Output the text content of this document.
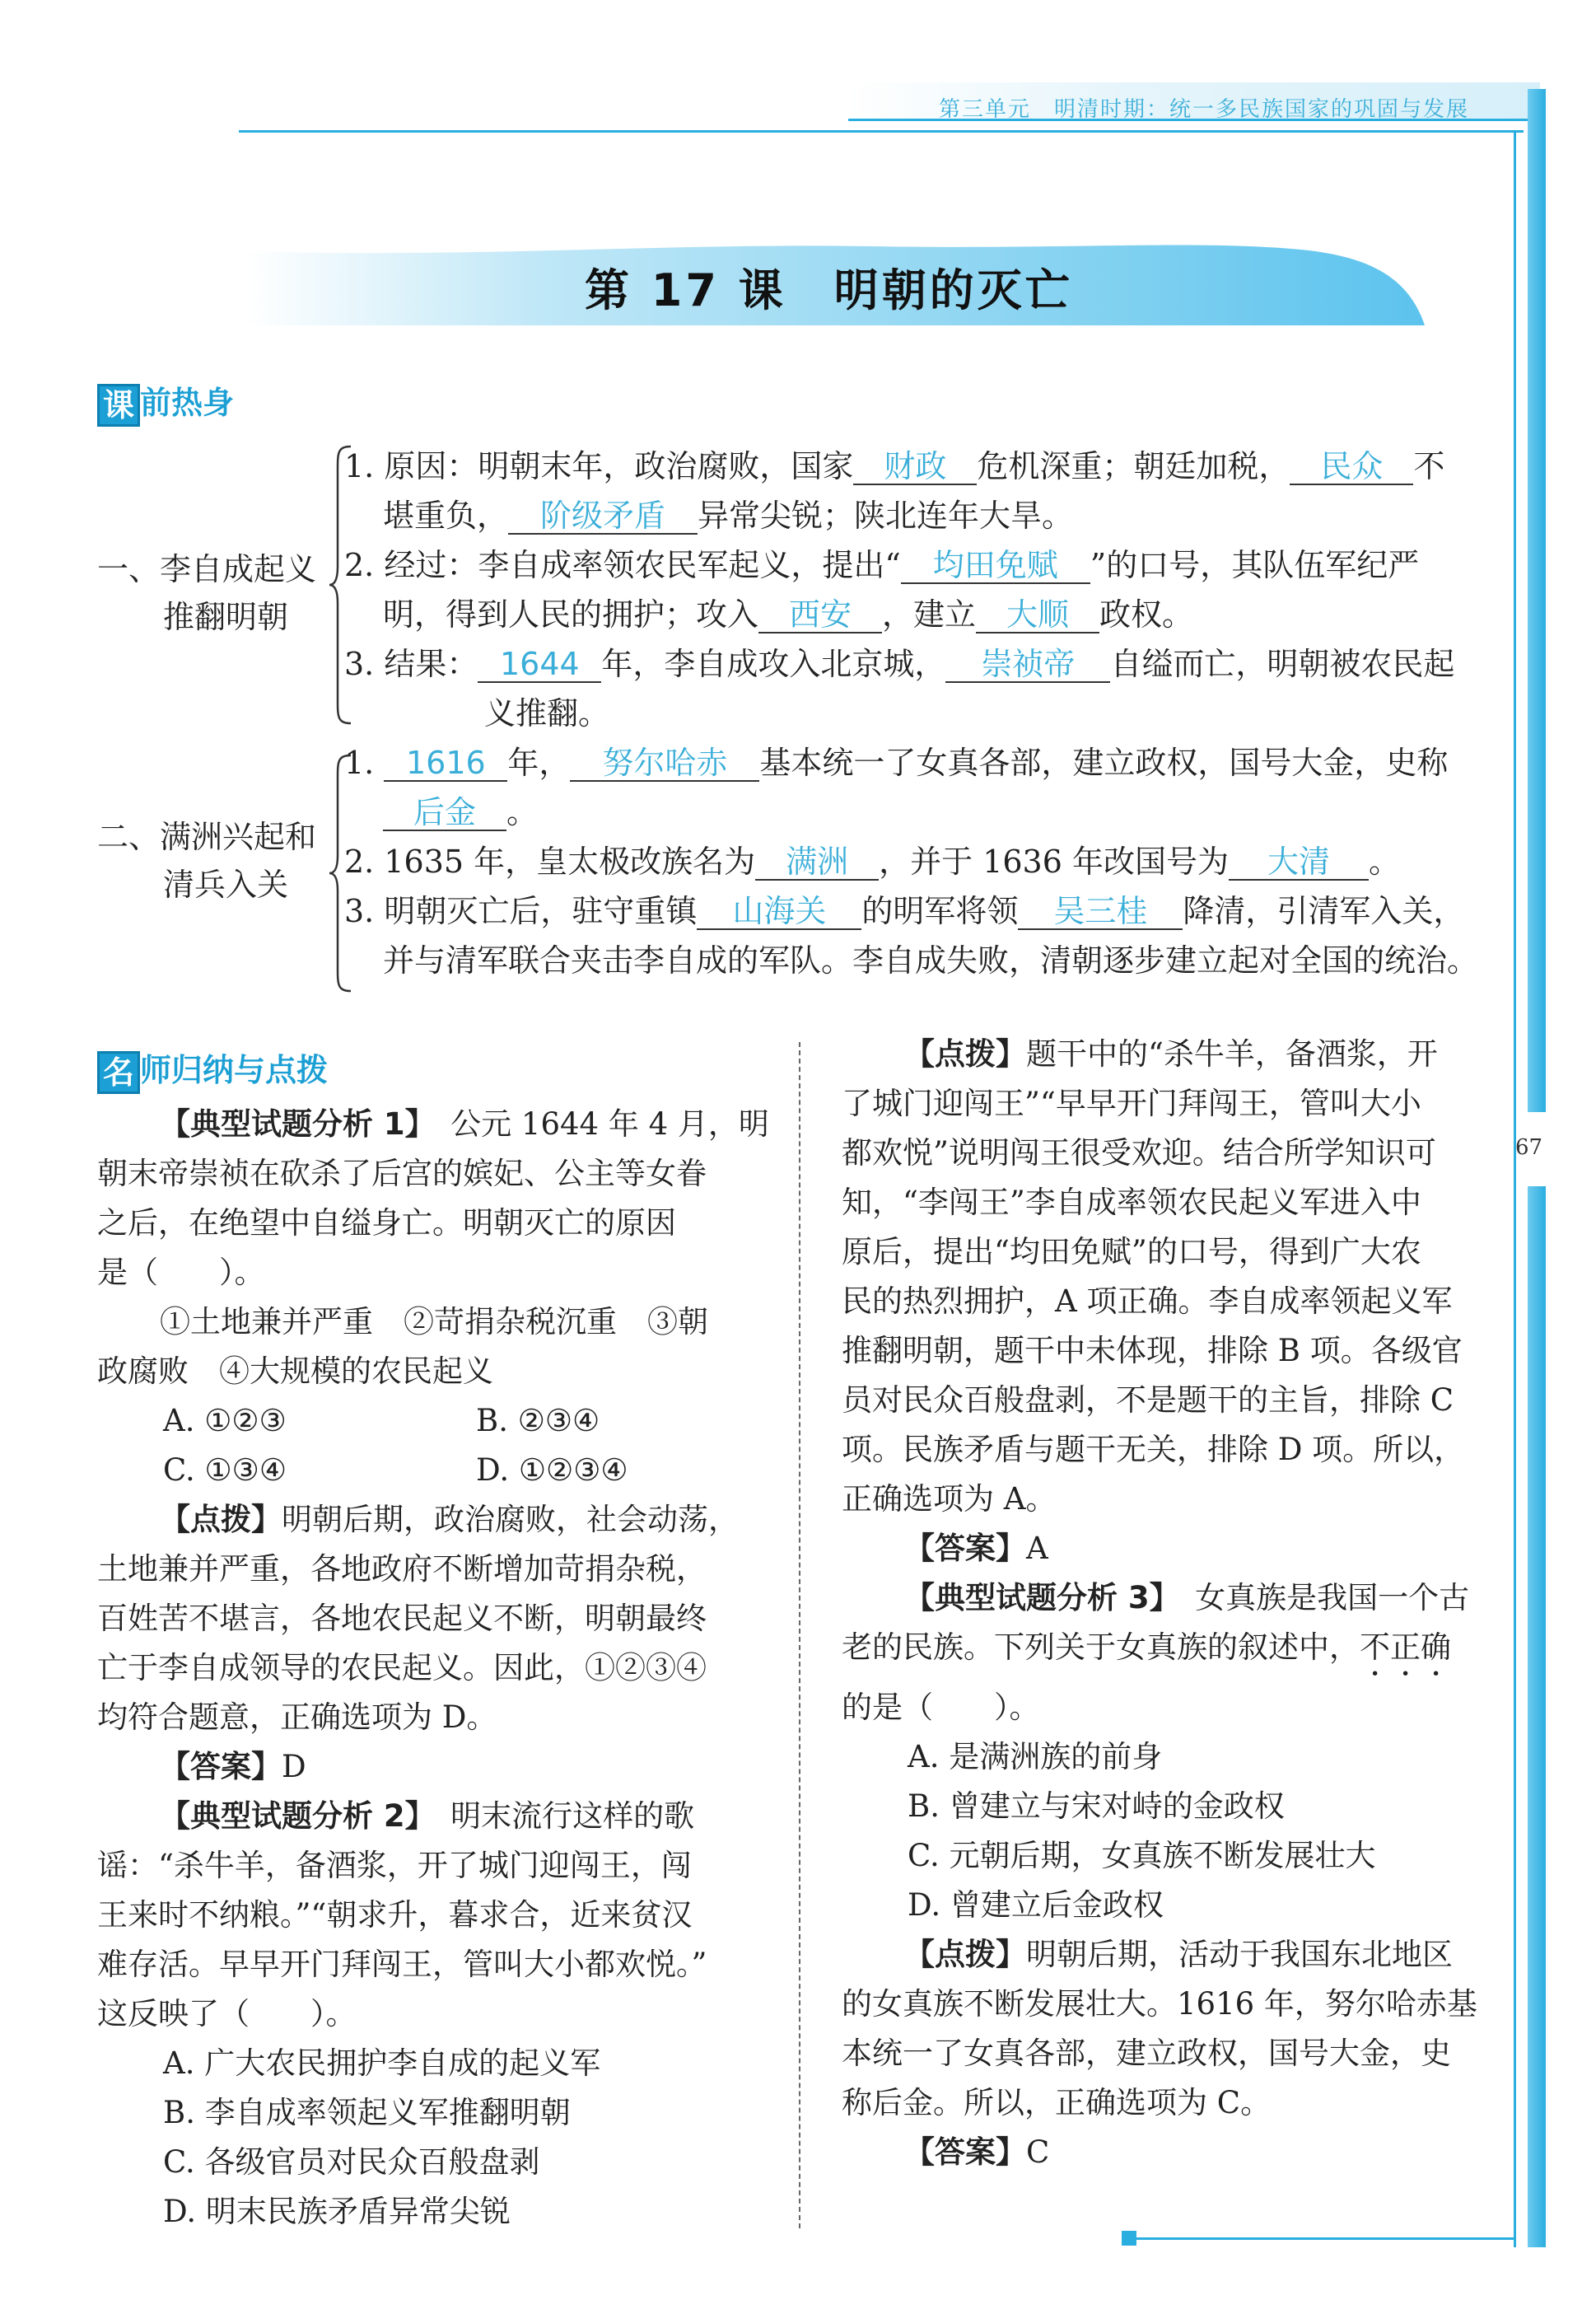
第三单元　明清时期：统一多民族国家的巩固与发展
67
第 17 课　明朝的灭亡
课 前热身
一、李自成起义
推翻明朝
1. 原因：明朝末年，政治腐败，国家 财政 危机深重；朝廷加税， 民众 不
堪重负， 阶级矛盾 异常尖锐；陕北连年大旱。
2. 经过：李自成率领农民军起义，提出“ 均田免赋 ”的口号，其队伍军纪严
明，得到人民的拥护；攻入 西安 ，建立 大顺 政权。
3. 结果： 1644 年，李自成攻入北京城， 崇祯帝 自缢而亡，明朝被农民起
义推翻。
二、满洲兴起和
清兵入关
1. 1616 年， 努尔哈赤 基本统一了女真各部，建立政权，国号大金，史称
后金 。
2. 1635 年，皇太极改族名为 满洲 ，并于 1636 年改国号为 大清 。
3. 明朝灭亡后，驻守重镇 山海关 的明军将领 吴三桂 降清，引清军入关，
并与清军联合夹击李自成的军队。李自成失败，清朝逐步建立起对全国的统治。
名 师归纳与点拨

【典型试题分析 1】　 公元 1644 年 4 月，明

朝末帝崇祯在砍杀了后宫的嫔妃、公主等女眷

之后，在绝望中自缢身亡。明朝灭亡的原因

是（　　）。

①土地兼并严重　②苛捐杂税沉重　③朝

政腐败　④大规模的农民起义

A. ①②③	B. ②③④

C. ①③④	D. ①②③④

【点拨】明朝后期，政治腐败，社会动荡，

土地兼并严重，各地政府不断增加苛捐杂税，

百姓苦不堪言，各地农民起义不断，明朝最终

亡于李自成领导的农民起义。因此，①②③④

均符合题意，正确选项为 D。

【答案】D

【典型试题分析 2】　 明末流行这样的歌

谣：“杀牛羊，备酒浆，开了城门迎闯王，闯

王来时不纳粮。”“朝求升，暮求合，近来贫汉

难存活。早早开门拜闯王，管叫大小都欢悦。”

这反映了（　　）。

A. 广大农民拥护李自成的起义军

B. 李自成率领起义军推翻明朝

C. 各级官员对民众百般盘剥

D. 明末民族矛盾异常尖锐

【点拨】题干中的“杀牛羊，备酒浆，开

了城门迎闯王”“早早开门拜闯王，管叫大小

都欢悦”说明闯王很受欢迎。结合所学知识可

知，“李闯王”李自成率领农民起义军进入中

原后，提出“均田免赋”的口号，得到广大农

民的热烈拥护，A 项正确。李自成率领起义军

推翻明朝，题干中未体现，排除 B 项。各级官

员对民众百般盘剥，不是题干的主旨，排除 C

项。民族矛盾与题干无关，排除 D 项。所以，

正确选项为 A。

【答案】A

【典型试题分析 3】　 女真族是我国一个古

老的民族。下列关于女真族的叙述中，不正确

的是（　　）。

A. 是满洲族的前身

B. 曾建立与宋对峙的金政权

C. 元朝后期，女真族不断发展壮大

D. 曾建立后金政权

【点拨】明朝后期，活动于我国东北地区

的女真族不断发展壮大。1616 年，努尔哈赤基

本统一了女真各部，建立政权，国号大金，史

称后金。所以，正确选项为 C。

【答案】C
